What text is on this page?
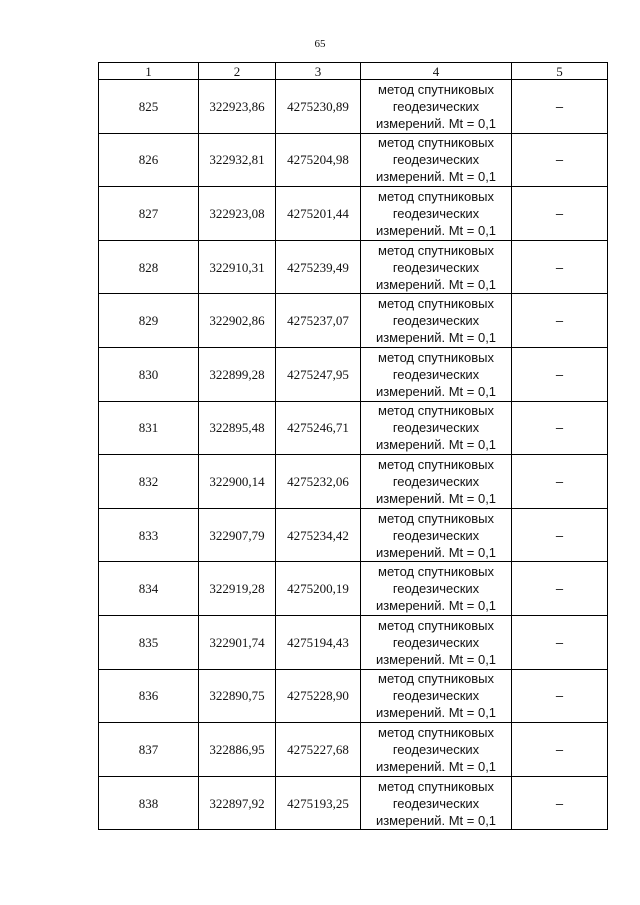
65
1	2	3	4	5
825	322923,86	4275230,89	метод спутниковых
геодезических
измерений. Mt = 0,1	–
826	322932,81	4275204,98	метод спутниковых
геодезических
измерений. Mt = 0,1	–
827	322923,08	4275201,44	метод спутниковых
геодезических
измерений. Mt = 0,1	–
828	322910,31	4275239,49	метод спутниковых
геодезических
измерений. Mt = 0,1	–
829	322902,86	4275237,07	метод спутниковых
геодезических
измерений. Mt = 0,1	–
830	322899,28	4275247,95	метод спутниковых
геодезических
измерений. Mt = 0,1	–
831	322895,48	4275246,71	метод спутниковых
геодезических
измерений. Mt = 0,1	–
832	322900,14	4275232,06	метод спутниковых
геодезических
измерений. Mt = 0,1	–
833	322907,79	4275234,42	метод спутниковых
геодезических
измерений. Mt = 0,1	–
834	322919,28	4275200,19	метод спутниковых
геодезических
измерений. Mt = 0,1	–
835	322901,74	4275194,43	метод спутниковых
геодезических
измерений. Mt = 0,1	–
836	322890,75	4275228,90	метод спутниковых
геодезических
измерений. Mt = 0,1	–
837	322886,95	4275227,68	метод спутниковых
геодезических
измерений. Mt = 0,1	–
838	322897,92	4275193,25	метод спутниковых
геодезических
измерений. Mt = 0,1	–
